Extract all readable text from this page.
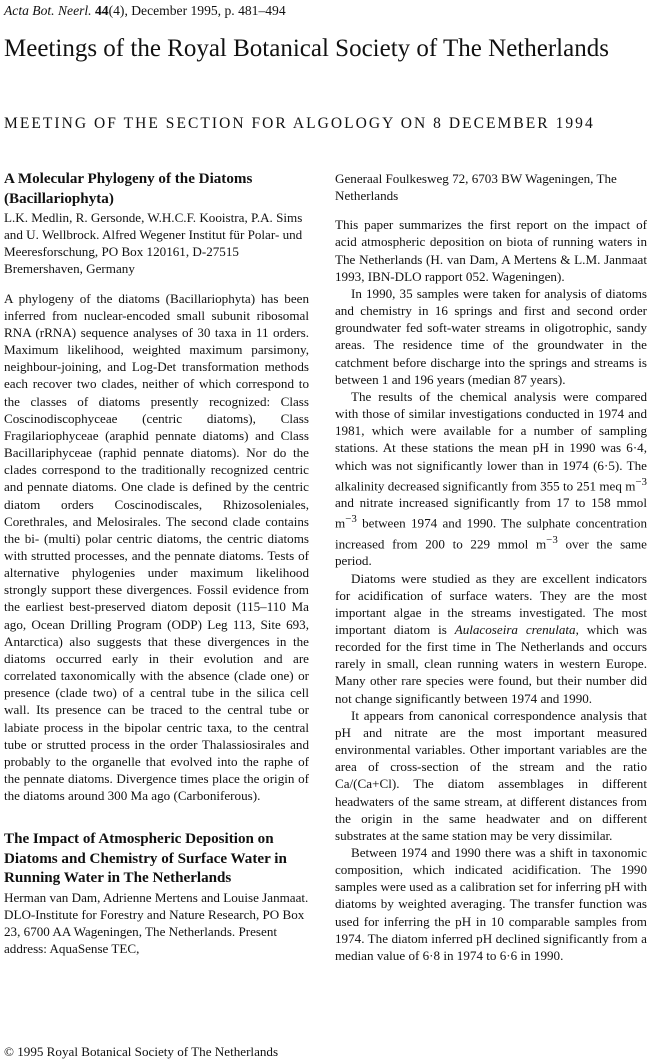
Acta Bot. Neerl. 44(4), December 1995, p. 481–494
Meetings of the Royal Botanical Society of The Netherlands
MEETING OF THE SECTION FOR ALGOLOGY ON 8 DECEMBER 1994
A Molecular Phylogeny of the Diatoms (Bacillariophyta)

L.K. Medlin, R. Gersonde, W.H.C.F. Kooistra, P.A. Sims and U. Wellbrock. Alfred Wegener Institut für Polar- und Meeresforschung, PO Box 120161, D-27515 Bremershaven, Germany

A phylogeny of the diatoms (Bacillariophyta) has been inferred from nuclear-encoded small subunit ribosomal RNA (rRNA) sequence analyses of 30 taxa in 11 orders. Maximum likelihood, weighted maximum parsimony, neighbour-joining, and Log-Det transformation methods each recover two clades, neither of which correspond to the classes of diatoms presently recognized: Class Coscinodiscophyceae (centric diatoms), Class Fragilariophyceae (araphid pennate diatoms) and Class Bacillariphyceae (raphid pennate diatoms). Nor do the clades correspond to the traditionally recognized centric and pennate diatoms. One clade is defined by the centric diatom orders Coscinodiscales, Rhizosoleniales, Corethrales, and Melosirales. The second clade contains the bi- (multi) polar centric diatoms, the centric diatoms with strutted processes, and the pennate diatoms. Tests of alternative phylogenies under maximum likelihood strongly support these divergences. Fossil evidence from the earliest best-preserved diatom deposit (115–110 Ma ago, Ocean Drilling Program (ODP) Leg 113, Site 693, Antarctica) also suggests that these divergences in the diatoms occurred early in their evolution and are correlated taxonomically with the absence (clade one) or presence (clade two) of a central tube in the silica cell wall. Its presence can be traced to the central tube or labiate process in the bipolar centric taxa, to the central tube or strutted process in the order Thalassiosirales and probably to the organelle that evolved into the raphe of the pennate diatoms. Divergence times place the origin of the diatoms around 300 Ma ago (Carboniferous).

The Impact of Atmospheric Deposition on Diatoms and Chemistry of Surface Water in Running Water in The Netherlands

Herman van Dam, Adrienne Mertens and Louise Janmaat. DLO-Institute for Forestry and Nature Research, PO Box 23, 6700 AA Wageningen, The Netherlands. Present address: AquaSense TEC,

Generaal Foulkesweg 72, 6703 BW Wageningen, The Netherlands

This paper summarizes the first report on the impact of acid atmospheric deposition on biota of running waters in The Netherlands (H. van Dam, A Mertens & L.M. Janmaat 1993, IBN-DLO rapport 052. Wageningen).

In 1990, 35 samples were taken for analysis of diatoms and chemistry in 16 springs and first and second order groundwater fed soft-water streams in oligotrophic, sandy areas. The residence time of the groundwater in the catchment before discharge into the springs and streams is between 1 and 196 years (median 87 years).

The results of the chemical analysis were compared with those of similar investigations conducted in 1974 and 1981, which were available for a number of sampling stations. At these stations the mean pH in 1990 was 6·4, which was not significantly lower than in 1974 (6·5). The alkalinity decreased significantly from 355 to 251 meq $m^{-3}$ and nitrate increased significantly from 17 to 158 mmol $m^{-3}$ between 1974 and 1990. The sulphate concentration increased from 200 to 229 mmol $m^{-3}$ over the same period.

Diatoms were studied as they are excellent indicators for acidification of surface waters. They are the most important algae in the streams investigated. The most important diatom is Aulacoseira crenulata, which was recorded for the first time in The Netherlands and occurs rarely in small, clean running waters in western Europe. Many other rare species were found, but their number did not change significantly between 1974 and 1990.

It appears from canonical correspondence analysis that pH and nitrate are the most important measured environmental variables. Other important variables are the area of cross-section of the stream and the ratio Ca/(Ca+Cl). The diatom assemblages in different headwaters of the same stream, at different distances from the origin in the same headwater and on different substrates at the same station may be very dissimilar.

Between 1974 and 1990 there was a shift in taxonomic composition, which indicated acidification. The 1990 samples were used as a calibration set for inferring pH with diatoms by weighted averaging. The transfer function was used for inferring the pH in 10 comparable samples from 1974. The diatom inferred pH declined significantly from a median value of 6·8 in 1974 to 6·6 in 1990.

© 1995 Royal Botanical Society of The Netherlands
